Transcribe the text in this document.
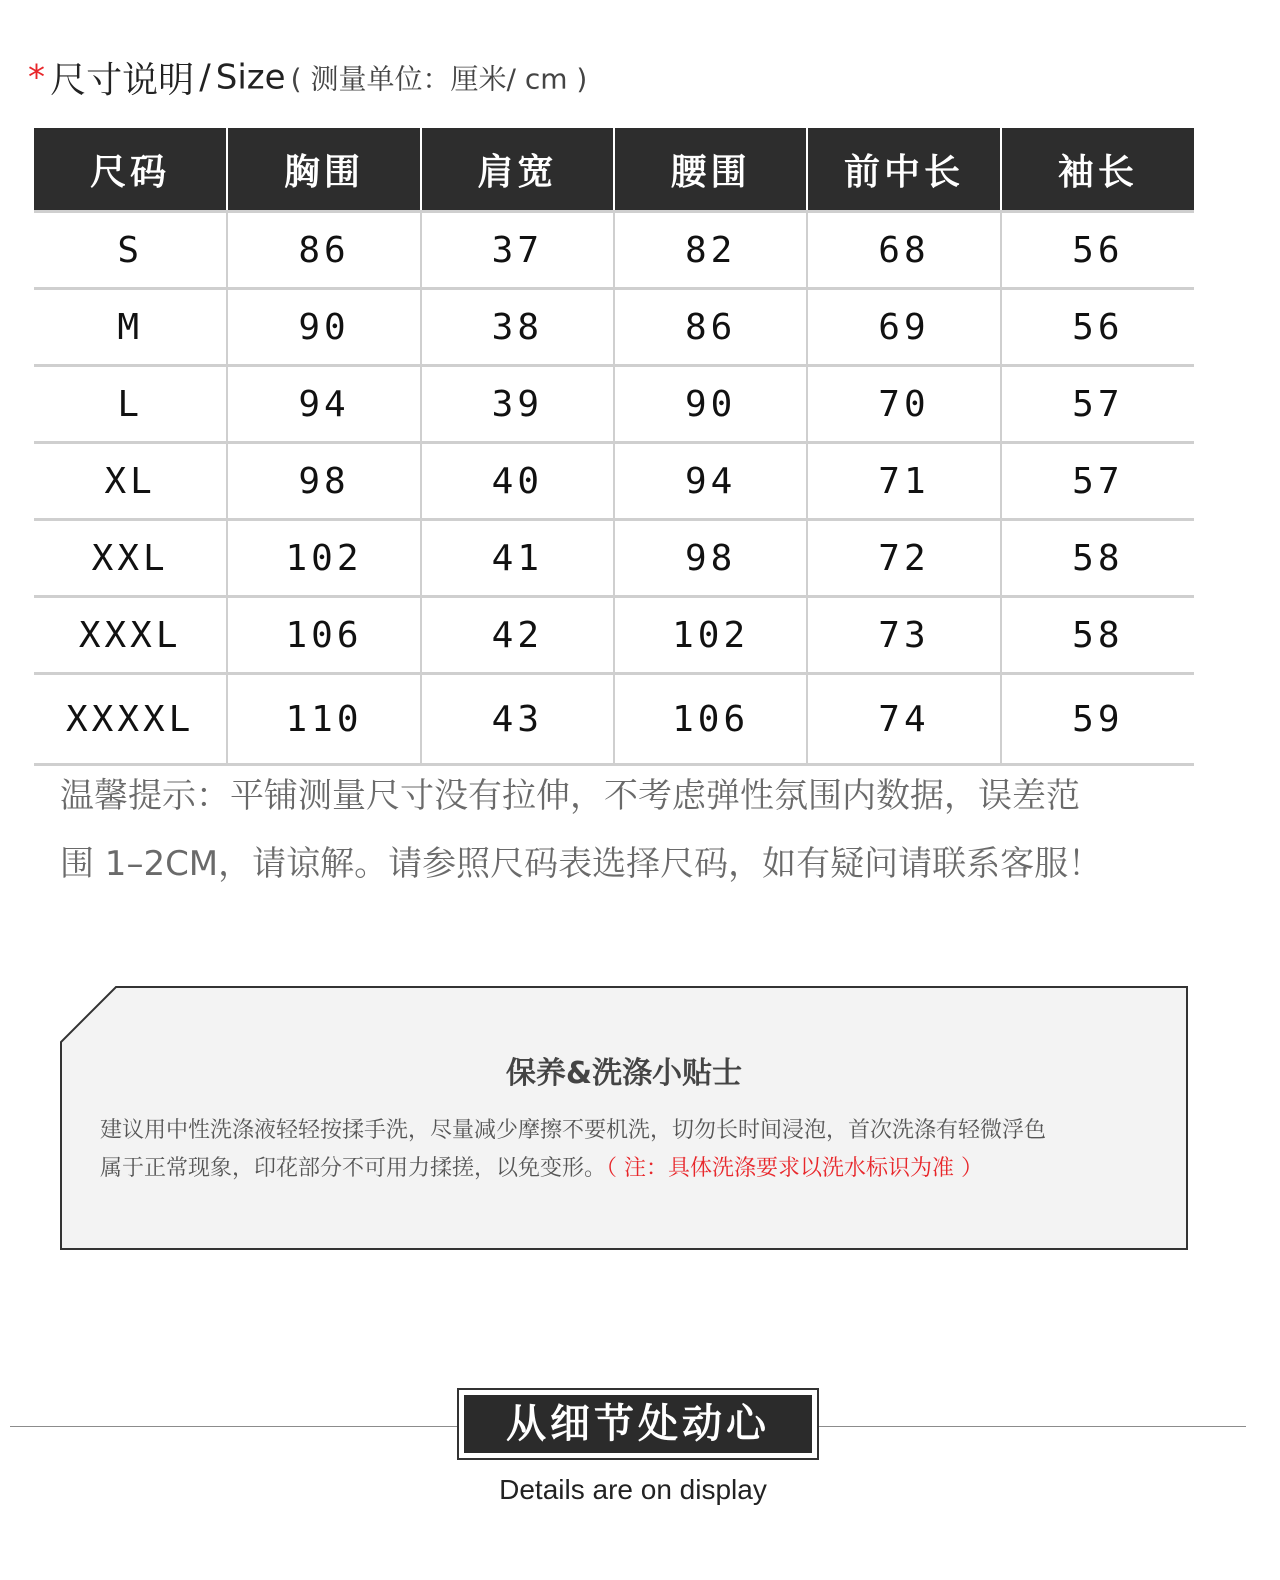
* 尺寸说明 / Size ( 测量单位：厘米/ cm )
尺码	胸围	肩宽	腰围	前中长	袖长
S	86	37	82	68	56
M	90	38	86	69	56
L	94	39	90	70	57
XL	98	40	94	71	57
XXL	102	41	98	72	58
XXXL	106	42	102	73	58
XXXXL	110	43	106	74	59
温馨提示：平铺测量尺寸没有拉伸，不考虑弹性氛围内数据，误差范
围 1–2CM，请谅解。请参照尺码表选择尺码，如有疑问请联系客服！
保养&洗涤小贴士
建议用中性洗涤液轻轻按揉手洗，尽量减少摩擦不要机洗，切勿长时间浸泡，首次洗涤有轻微浮色
属于正常现象，印花部分不可用力揉搓，以免变形。（ 注：具体洗涤要求以洗水标识为准 ）
从细节处动心
Details are on display
